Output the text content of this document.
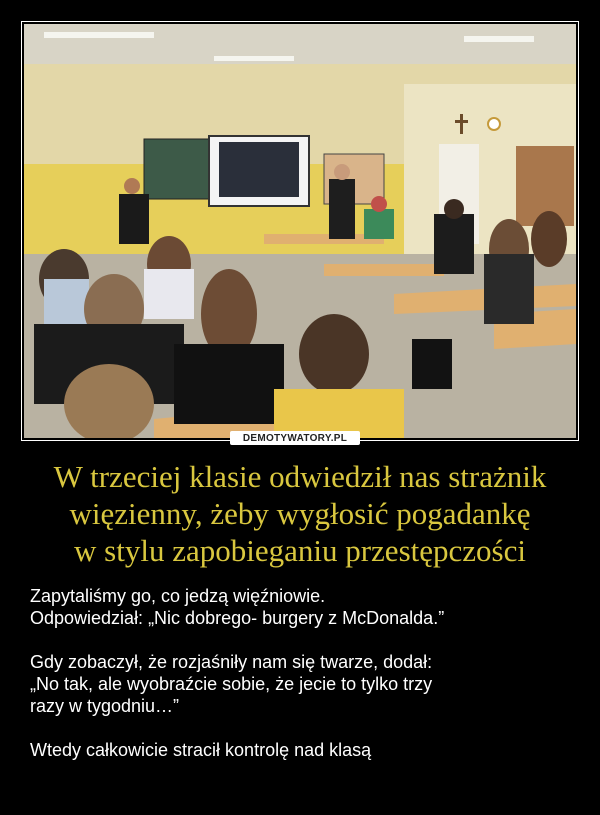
DEMOTYWATORY.PL
W trzeciej klasie odwiedził nas strażnik
więzienny, żeby wygłosić pogadankę
w stylu zapobieganiu przestępczości

Zapytaliśmy go, co jedzą więźniowie.
Odpowiedział: „Nic dobrego- burgery z McDonalda.”

Gdy zobaczył, że rozjaśniły nam się twarze, dodał:
„No tak, ale wyobraźcie sobie, że jecie to tylko trzy
razy w tygodniu…”

Wtedy całkowicie stracił kontrolę nad klasą
